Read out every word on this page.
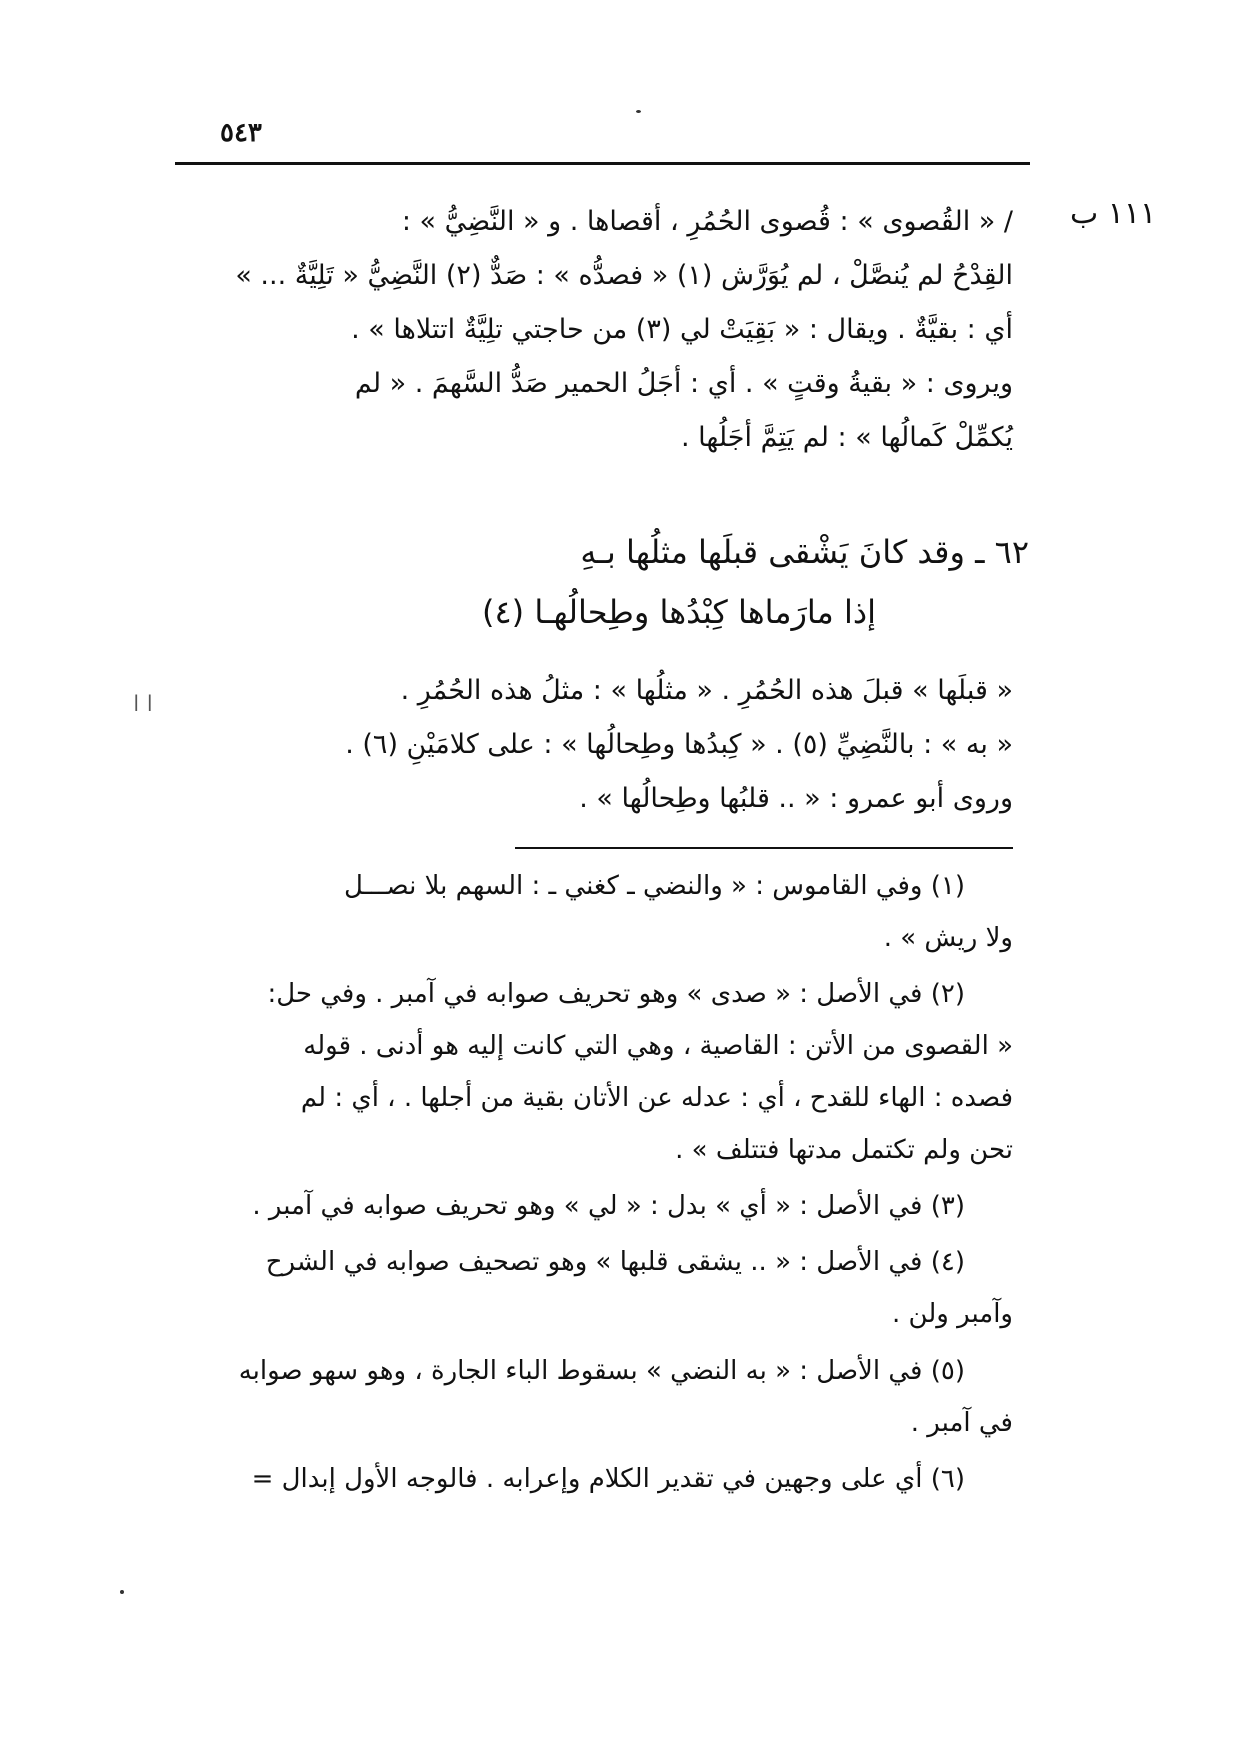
٥٤٣
١١١ ب
/ « القُصوى » : قُصوى الحُمُرِ ، أقصاها . و « النَّضِيُّ » :
القِدْحُ لم يُنصَّلْ ، لم يُوَرَّش (١) « فصدُّه » : صَدٌّ (٢) النَّضِيُّ « تَلِيَّةٌ ... »
أي : بقيَّةٌ . ويقال : « بَقِيَتْ لي (٣) من حاجتي تلِيَّةٌ اتتلاها » .
ويروى : « بقيةُ وقتٍ » . أي : أجَلُ الحمير صَدُّ السَّهمَ . « لم
يُكمِّلْ كَمالُها » : لم يَتِمَّ أجَلُها .
٦٢ ـ وقد كانَ يَشْقى قبلَها مثلُها بـهِ
إذا مارَماها كِبْدُها وطِحالُهـا (٤)
« قبلَها » قبلَ هذه الحُمُرِ . « مثلُها » : مثلُ هذه الحُمُرِ .
« به » : بالنَّضِيِّ (٥) . « كِبدُها وطِحالُها » : على كلامَيْنِ (٦) .
وروى أبو عمرو : « .. قلبُها وطِحالُها » .
(١) وفي القاموس : « والنضي ـ كغني ـ : السهم بلا نصـــل
ولا ريش » .
(٢) في الأصل : « صدى » وهو تحريف صوابه في آمبر . وفي حل:
« القصوى من الأتن : القاصية ، وهي التي كانت إليه هو أدنى . قوله
فصده : الهاء للقدح ، أي : عدله عن الأتان بقية من أجلها . ، أي : لم
تحن ولم تكتمل مدتها فتتلف » .
(٣) في الأصل : « أي » بدل : « لي » وهو تحريف صوابه في آمبر .
(٤) في الأصل : « .. يشقى قلبها » وهو تصحيف صوابه في الشرح
وآمبر ولن .
(٥) في الأصل : « به النضي » بسقوط الباء الجارة ، وهو سهو صوابه
في آمبر .
(٦) أي على وجهين في تقدير الكلام وإعرابه . فالوجه الأول إبدال =
ǀ ǀ
